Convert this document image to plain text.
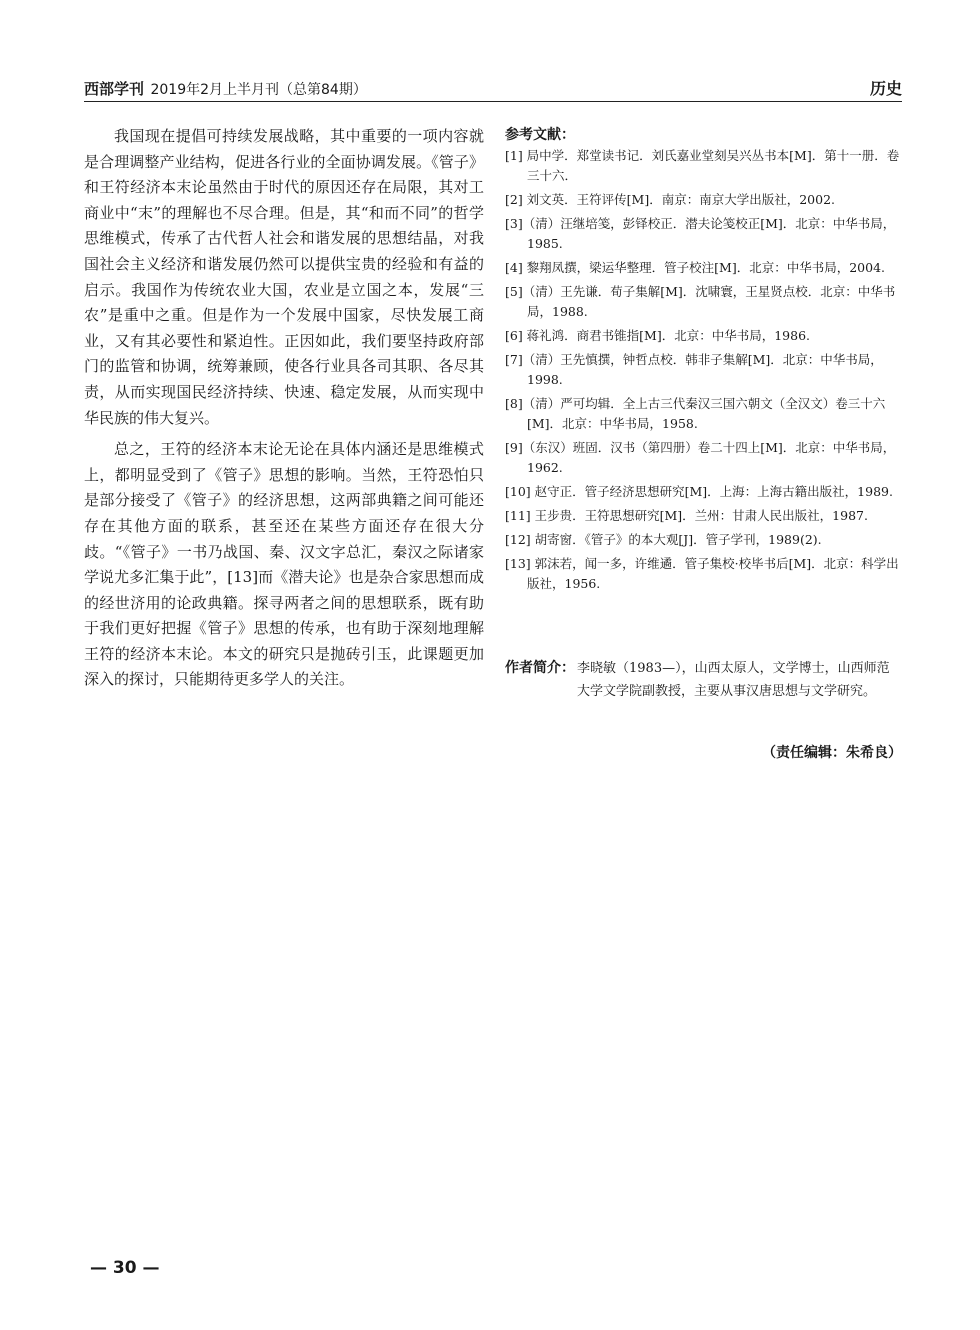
西部学刊 2019年2月上半月刊（总第84期）	历史

我国现在提倡可持续发展战略，其中重要的一项内容就是合理调整产业结构，促进各行业的全面协调发展。《管子》和王符经济本末论虽然由于时代的原因还存在局限，其对工商业中“末”的理解也不尽合理。但是，其“和而不同”的哲学思维模式，传承了古代哲人社会和谐发展的思想结晶，对我国社会主义经济和谐发展仍然可以提供宝贵的经验和有益的启示。我国作为传统农业大国，农业是立国之本，发展“三农”是重中之重。但是作为一个发展中国家，尽快发展工商业，又有其必要性和紧迫性。正因如此，我们要坚持政府部门的监管和协调，统筹兼顾，使各行业具各司其职、各尽其责，从而实现国民经济持续、快速、稳定发展，从而实现中华民族的伟大复兴。

总之，王符的经济本末论无论在具体内涵还是思维模式上，都明显受到了《管子》思想的影响。当然，王符恐怕只是部分接受了《管子》的经济思想，这两部典籍之间可能还存在其他方面的联系，甚至还在某些方面还存在很大分歧。“《管子》一书乃战国、秦、汉文字总汇，秦汉之际诸家学说尤多汇集于此”，[13]而《潜夫论》也是杂合家思想而成的经世济用的论政典籍。探寻两者之间的思想联系，既有助于我们更好把握《管子》思想的传承，也有助于深刻地理解王符的经济本末论。本文的研究只是抛砖引玉，此课题更加深入的探讨，只能期待更多学人的关注。

参考文献：
[1] 局中学．郑堂读书记．刘氏嘉业堂刻吴兴丛书本[M]．第十一册．卷三十六．
[2] 刘文英．王符评传[M]．南京：南京大学出版社，2002.
[3]（清）汪继培笺，彭铎校正．潜夫论笺校正[M]．北京：中华书局，1985.
[4] 黎翔凤撰，梁运华整理．管子校注[M]．北京：中华书局，2004.
[5]（清）王先谦．荀子集解[M]．沈啸寰，王星贤点校．北京：中华书局，1988.
[6] 蒋礼鸿．商君书锥指[M]．北京：中华书局，1986.
[7]（清）王先慎撰，钟哲点校．韩非子集解[M]．北京：中华书局，1998.
[8]（清）严可均辑．全上古三代秦汉三国六朝文（全汉文）卷三十六[M]．北京：中华书局，1958.
[9]（东汉）班固．汉书（第四册）卷二十四上[M]．北京：中华书局，1962.
[10] 赵守正．管子经济思想研究[M]．上海：上海古籍出版社，1989.
[11] 王步贵．王符思想研究[M]．兰州：甘肃人民出版社，1987.
[12] 胡寄窗．《管子》的本大观[J]．管子学刊，1989(2).
[13] 郭沫若，闻一多，许维遹．管子集校·校毕书后[M]．北京：科学出版社，1956.
作者简介： 李晓敏（1983—），山西太原人，文学博士，山西师范大学文学院副教授，主要从事汉唐思想与文学研究。
（责任编辑：朱希良）
— 30 —
